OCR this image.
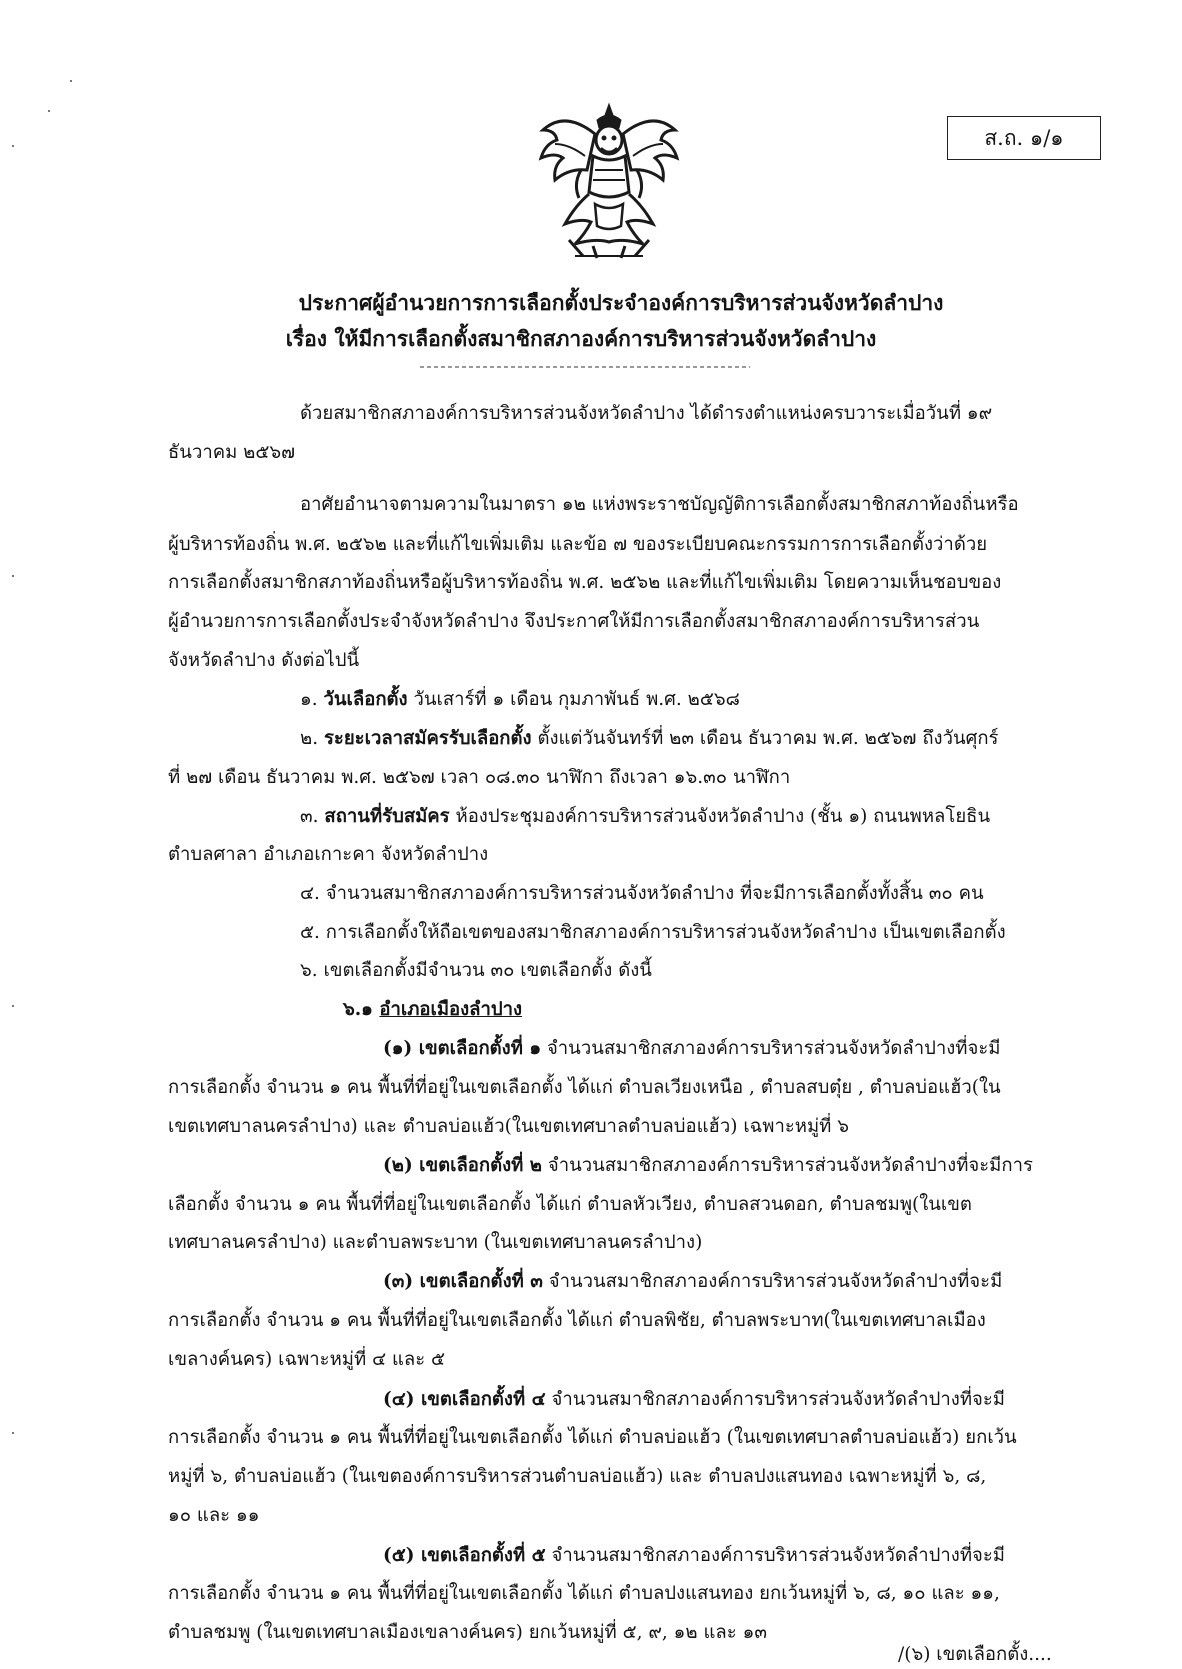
ส.ถ. ๑/๑
ประกาศผู้อำนวยการการเลือกตั้งประจำองค์การบริหารส่วนจังหวัดลำปาง
เรื่อง ให้มีการเลือกตั้งสมาชิกสภาองค์การบริหารส่วนจังหวัดลำปาง
ด้วยสมาชิกสภาองค์การบริหารส่วนจังหวัดลำปาง ได้ดำรงตำแหน่งครบวาระเมื่อวันที่ ๑๙
ธันวาคม ๒๕๖๗
อาศัยอำนาจตามความในมาตรา ๑๒ แห่งพระราชบัญญัติการเลือกตั้งสมาชิกสภาท้องถิ่นหรือ
ผู้บริหารท้องถิ่น พ.ศ. ๒๕๖๒ และที่แก้ไขเพิ่มเติม และข้อ ๗ ของระเบียบคณะกรรมการการเลือกตั้งว่าด้วย
การเลือกตั้งสมาชิกสภาท้องถิ่นหรือผู้บริหารท้องถิ่น พ.ศ. ๒๕๖๒ และที่แก้ไขเพิ่มเติม โดยความเห็นชอบของ
ผู้อำนวยการการเลือกตั้งประจำจังหวัดลำปาง จึงประกาศให้มีการเลือกตั้งสมาชิกสภาองค์การบริหารส่วน
จังหวัดลำปาง ดังต่อไปนี้
๑. วันเลือกตั้ง วันเสาร์ที่ ๑ เดือน กุมภาพันธ์ พ.ศ. ๒๕๖๘
๒. ระยะเวลาสมัครรับเลือกตั้ง ตั้งแต่วันจันทร์ที่ ๒๓ เดือน ธันวาคม พ.ศ. ๒๕๖๗ ถึงวันศุกร์
ที่ ๒๗ เดือน ธันวาคม พ.ศ. ๒๕๖๗ เวลา ๐๘.๓๐ นาฬิกา ถึงเวลา ๑๖.๓๐ นาฬิกา
๓. สถานที่รับสมัคร ห้องประชุมองค์การบริหารส่วนจังหวัดลำปาง (ชั้น ๑) ถนนพหลโยธิน
ตำบลศาลา อำเภอเกาะคา จังหวัดลำปาง
๔. จำนวนสมาชิกสภาองค์การบริหารส่วนจังหวัดลำปาง ที่จะมีการเลือกตั้งทั้งสิ้น ๓๐ คน
๕. การเลือกตั้งให้ถือเขตของสมาชิกสภาองค์การบริหารส่วนจังหวัดลำปาง เป็นเขตเลือกตั้ง
๖. เขตเลือกตั้งมีจำนวน ๓๐ เขตเลือกตั้ง ดังนี้
๖.๑ อำเภอเมืองลำปาง
(๑) เขตเลือกตั้งที่ ๑ จำนวนสมาชิกสภาองค์การบริหารส่วนจังหวัดลำปางที่จะมี
การเลือกตั้ง จำนวน ๑ คน พื้นที่ที่อยู่ในเขตเลือกตั้ง ได้แก่ ตำบลเวียงเหนือ , ตำบลสบตุ๋ย , ตำบลบ่อแฮ้ว(ใน
เขตเทศบาลนครลำปาง) และ ตำบลบ่อแฮ้ว(ในเขตเทศบาลตำบลบ่อแฮ้ว) เฉพาะหมู่ที่ ๖
(๒) เขตเลือกตั้งที่ ๒ จำนวนสมาชิกสภาองค์การบริหารส่วนจังหวัดลำปางที่จะมีการ
เลือกตั้ง จำนวน ๑ คน พื้นที่ที่อยู่ในเขตเลือกตั้ง ได้แก่ ตำบลหัวเวียง, ตำบลสวนดอก, ตำบลชมพู(ในเขต
เทศบาลนครลำปาง) และตำบลพระบาท (ในเขตเทศบาลนครลำปาง)
(๓) เขตเลือกตั้งที่ ๓ จำนวนสมาชิกสภาองค์การบริหารส่วนจังหวัดลำปางที่จะมี
การเลือกตั้ง จำนวน ๑ คน พื้นที่ที่อยู่ในเขตเลือกตั้ง ได้แก่ ตำบลพิชัย, ตำบลพระบาท(ในเขตเทศบาลเมือง
เขลางค์นคร) เฉพาะหมู่ที่ ๔ และ ๕
(๔) เขตเลือกตั้งที่ ๔ จำนวนสมาชิกสภาองค์การบริหารส่วนจังหวัดลำปางที่จะมี
การเลือกตั้ง จำนวน ๑ คน พื้นที่ที่อยู่ในเขตเลือกตั้ง ได้แก่ ตำบลบ่อแฮ้ว (ในเขตเทศบาลตำบลบ่อแฮ้ว) ยกเว้น
หมู่ที่ ๖, ตำบลบ่อแฮ้ว (ในเขตองค์การบริหารส่วนตำบลบ่อแฮ้ว) และ ตำบลปงแสนทอง เฉพาะหมู่ที่ ๖, ๘,
๑๐ และ ๑๑
(๕) เขตเลือกตั้งที่ ๕ จำนวนสมาชิกสภาองค์การบริหารส่วนจังหวัดลำปางที่จะมี
การเลือกตั้ง จำนวน ๑ คน พื้นที่ที่อยู่ในเขตเลือกตั้ง ได้แก่ ตำบลปงแสนทอง ยกเว้นหมู่ที่ ๖, ๘, ๑๐ และ ๑๑,
ตำบลชมพู (ในเขตเทศบาลเมืองเขลางค์นคร) ยกเว้นหมู่ที่ ๕, ๙, ๑๒ และ ๑๓
/(๖) เขตเลือกตั้ง....
